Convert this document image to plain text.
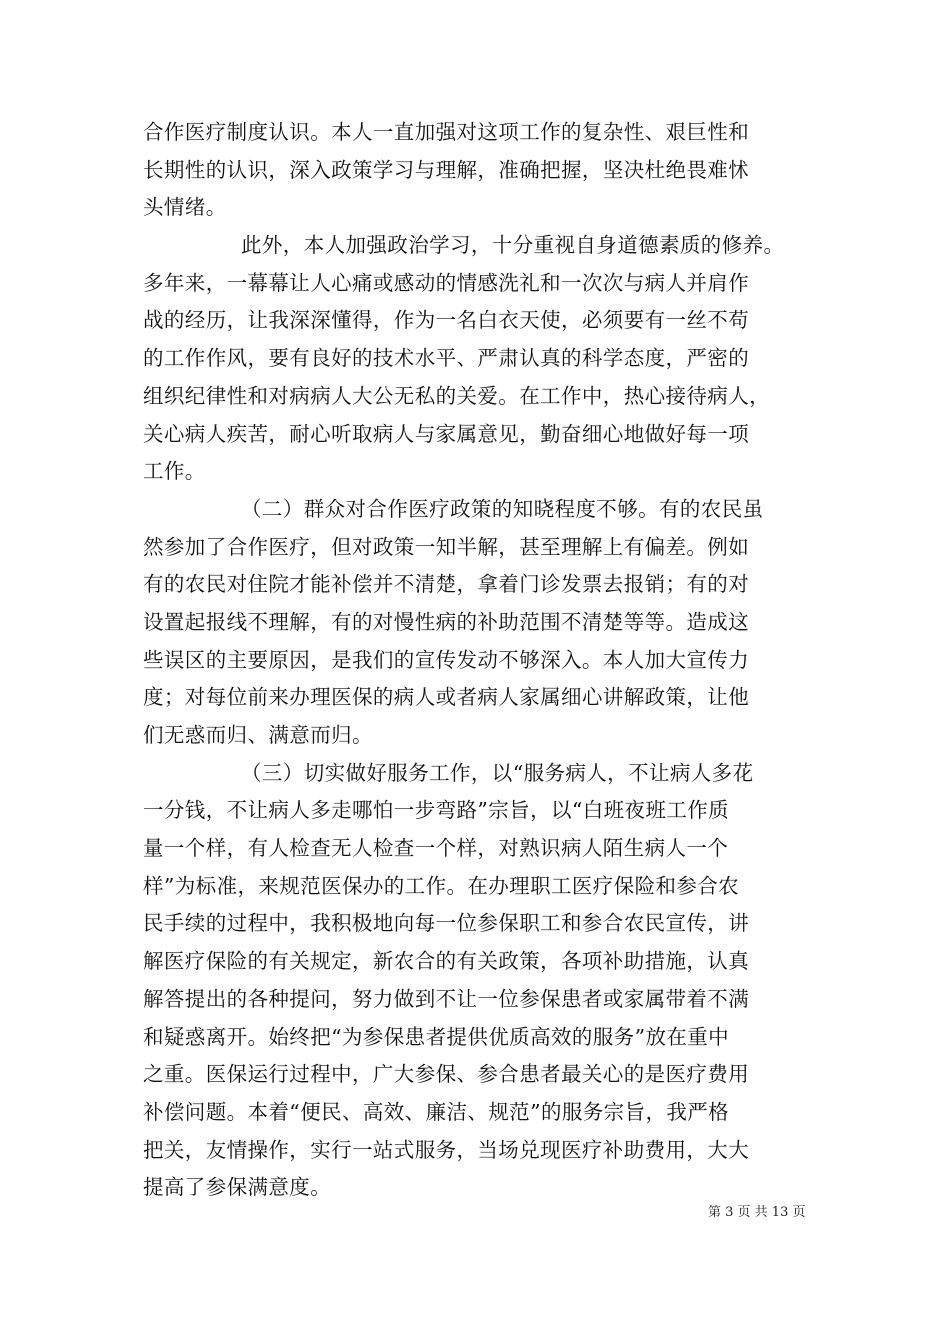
合作医疗制度认识。本人一直加强对这项工作的复杂性、艰巨性和
长期性的认识，深入政策学习与理解，准确把握，坚决杜绝畏难怵
头情绪。
此外，本人加强政治学习，十分重视自身道德素质的修养。
多年来，一幕幕让人心痛或感动的情感洗礼和一次次与病人并肩作
战的经历，让我深深懂得，作为一名白衣天使，必须要有一丝不苟
的工作作风，要有良好的技术水平、严肃认真的科学态度，严密的
组织纪律性和对病病人大公无私的关爱。在工作中，热心接待病人，
关心病人疾苦，耐心听取病人与家属意见，勤奋细心地做好每一项
工作。
（二）群众对合作医疗政策的知晓程度不够。有的农民虽
然参加了合作医疗，但对政策一知半解，甚至理解上有偏差。例如
有的农民对住院才能补偿并不清楚，拿着门诊发票去报销；有的对
设置起报线不理解，有的对慢性病的补助范围不清楚等等。造成这
些误区的主要原因，是我们的宣传发动不够深入。本人加大宣传力
度；对每位前来办理医保的病人或者病人家属细心讲解政策，让他
们无惑而归、满意而归。
（三）切实做好服务工作，以“服务病人，不让病人多花
一分钱，不让病人多走哪怕一步弯路”宗旨，以“白班夜班工作质
量一个样，有人检查无人检查一个样，对熟识病人陌生病人一个
样”为标准，来规范医保办的工作。在办理职工医疗保险和参合农
民手续的过程中，我积极地向每一位参保职工和参合农民宣传，讲
解医疗保险的有关规定，新农合的有关政策，各项补助措施，认真
解答提出的各种提问，努力做到不让一位参保患者或家属带着不满
和疑惑离开。始终把“为参保患者提供优质高效的服务”放在重中
之重。医保运行过程中，广大参保、参合患者最关心的是医疗费用
补偿问题。本着“便民、高效、廉洁、规范”的服务宗旨，我严格
把关，友情操作，实行一站式服务，当场兑现医疗补助费用，大大
提高了参保满意度。
第 3 页 共 13 页
